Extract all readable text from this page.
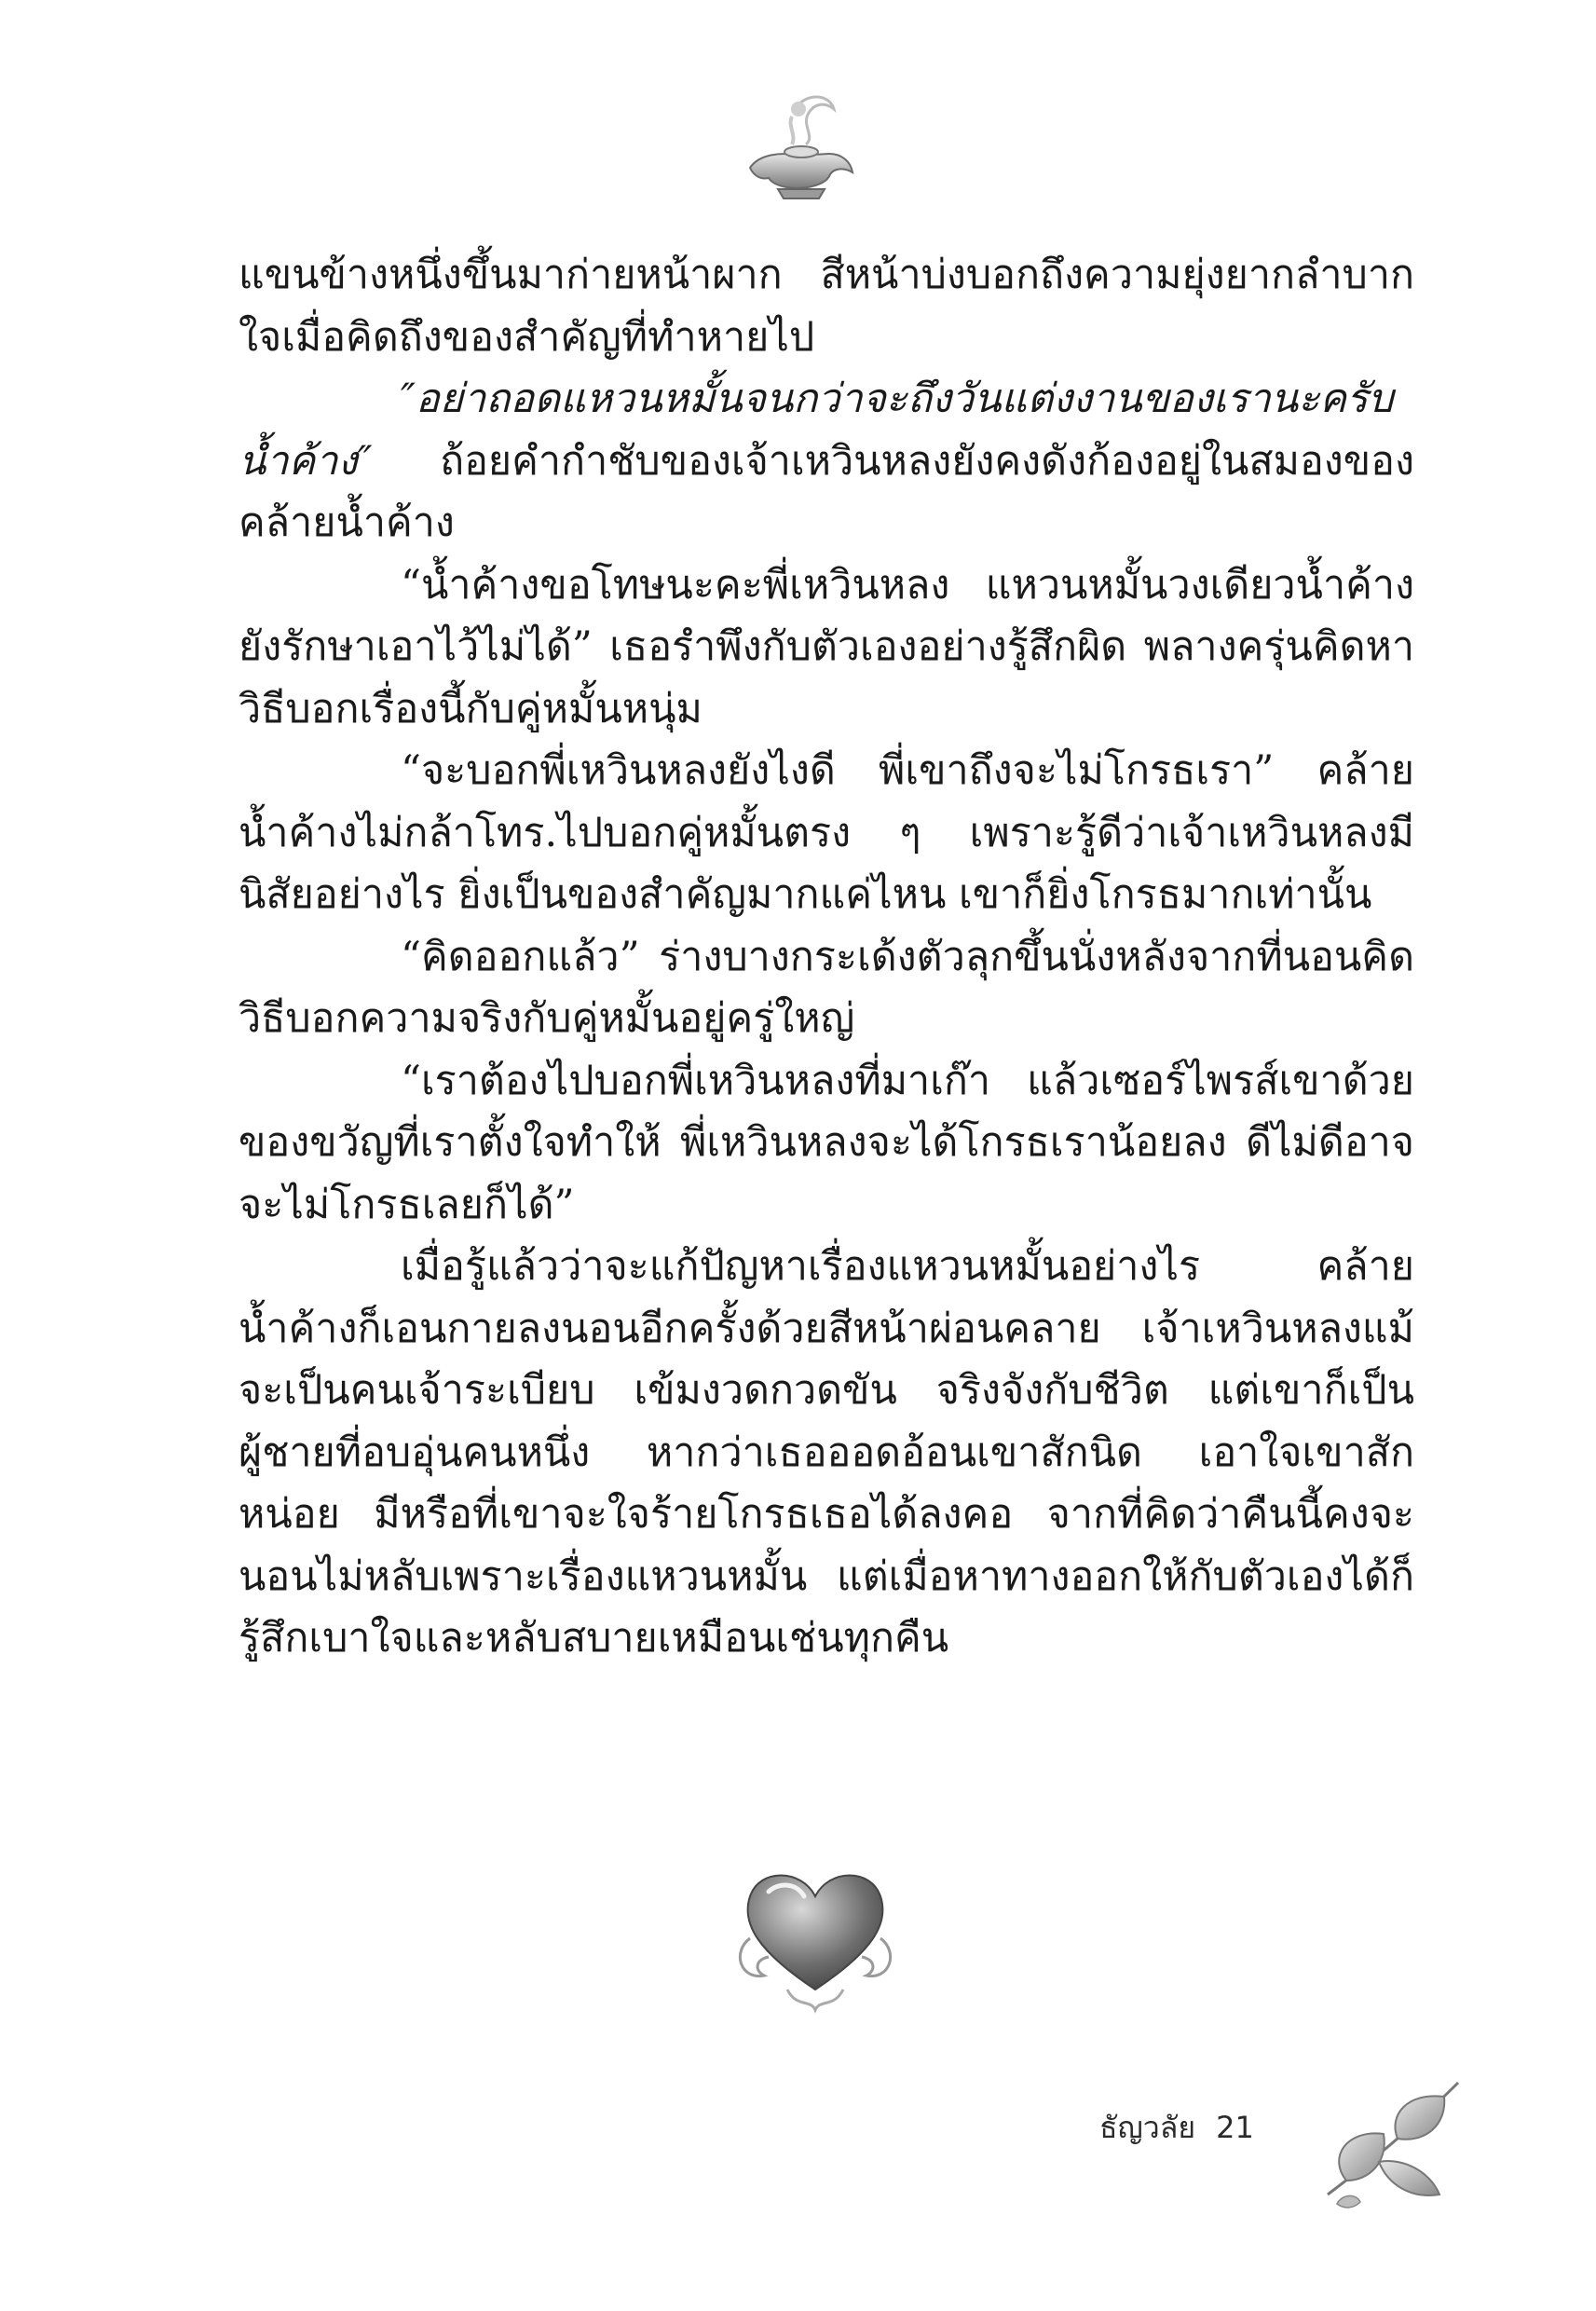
แขนข้างหนึ่งขึ้นมาก่ายหน้าผาก สีหน้าบ่งบอกถึงความยุ่งยากลำบากใจเมื่อคิดถึงของสำคัญที่ทำหายไป

″อย่าถอดแหวนหมั้นจนกว่าจะถึงวันแต่งงานของเรานะครับน้ำค้าง″ ถ้อยคำกำชับของเจ้าเหวินหลงยังคงดังก้องอยู่ในสมองของคล้ายน้ำค้าง

“น้ำค้างขอโทษนะคะพี่เหวินหลง แหวนหมั้นวงเดียวน้ำค้างยังรักษาเอาไว้ไม่ได้” เธอรำพึงกับตัวเองอย่างรู้สึกผิด พลางครุ่นคิดหาวิธีบอกเรื่องนี้กับคู่หมั้นหนุ่ม

“จะบอกพี่เหวินหลงยังไงดี พี่เขาถึงจะไม่โกรธเรา” คล้ายน้ำค้างไม่กล้าโทร.ไปบอกคู่หมั้นตรง ๆ เพราะรู้ดีว่าเจ้าเหวินหลงมีนิสัยอย่างไร ยิ่งเป็นของสำคัญมากแค่ไหน เขาก็ยิ่งโกรธมากเท่านั้น

“คิดออกแล้ว” ร่างบางกระเด้งตัวลุกขึ้นนั่งหลังจากที่นอนคิดวิธีบอกความจริงกับคู่หมั้นอยู่ครู่ใหญ่

“เราต้องไปบอกพี่เหวินหลงที่มาเก๊า แล้วเซอร์ไพรส์เขาด้วยของขวัญที่เราตั้งใจทำให้ พี่เหวินหลงจะได้โกรธเราน้อยลง ดีไม่ดีอาจจะไม่โกรธเลยก็ได้”

เมื่อรู้แล้วว่าจะแก้ปัญหาเรื่องแหวนหมั้นอย่างไร คล้ายน้ำค้างก็เอนกายลงนอนอีกครั้งด้วยสีหน้าผ่อนคลาย เจ้าเหวินหลงแม้จะเป็นคนเจ้าระเบียบ เข้มงวดกวดขัน จริงจังกับชีวิต แต่เขาก็เป็นผู้ชายที่อบอุ่นคนหนึ่ง หากว่าเธอออดอ้อนเขาสักนิด เอาใจเขาสักหน่อย มีหรือที่เขาจะใจร้ายโกรธเธอได้ลงคอ จากที่คิดว่าคืนนี้คงจะนอนไม่หลับเพราะเรื่องแหวนหมั้น แต่เมื่อหาทางออกให้กับตัวเองได้ก็รู้สึกเบาใจและหลับสบายเหมือนเช่นทุกคืน

ธัญวลัย 21
